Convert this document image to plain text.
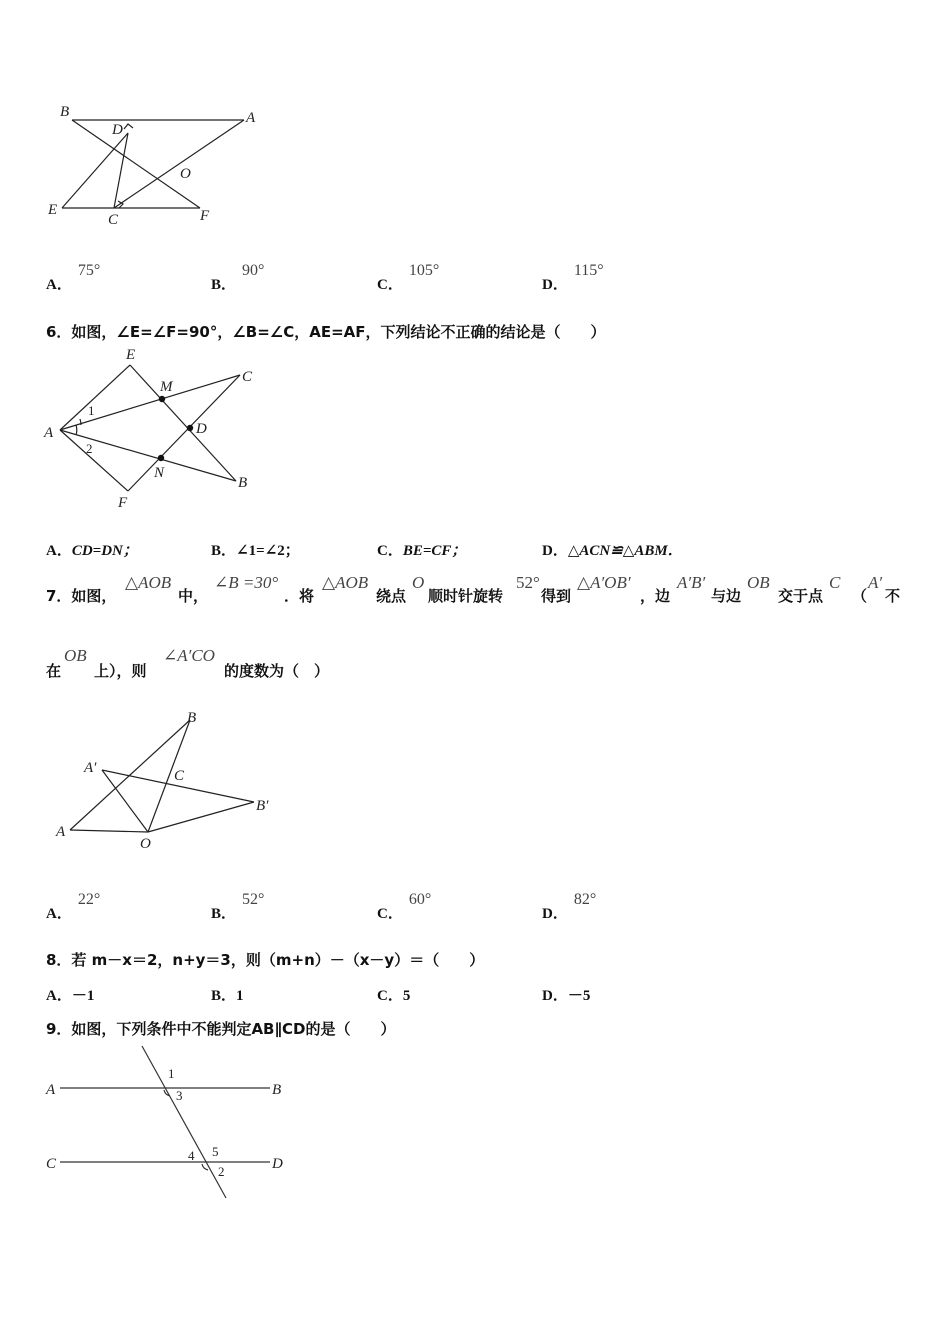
B	A
D
O
E
C	F
A．75°
B．90°
C．105°
D．115°
6．如图，∠E=∠F=90°，∠B=∠C，AE=AF，下列结论不正确的结论是（　　）
E
M
C
A
1
D
2
N
F
B
A．CD=DN；	B．∠1=∠2；	C．BE=CF；	D．△ACN≌△ABM．
7．如图，
△AOB
中，
∠B =30°
．将
△AOB
绕点
O
顺时针旋转
52°
得到
△A′OB′
，边
A′B′
与边
OB
交于点
C
（
A′
不
在
OB
上），则
∠A′CO
的度数为（　）
B
A′	C
B′
A
O
A．22°
B．52°
C．60°
D．82°
8．若 m－x＝2，n+y＝3，则（m+n）－（x－y）＝（　　）
A．－1	B．1	C．5	D．－5
9．如图，下列条件中不能判定AB∥CD的是（　　）
A
1
3	B
C
4 5
2	D
